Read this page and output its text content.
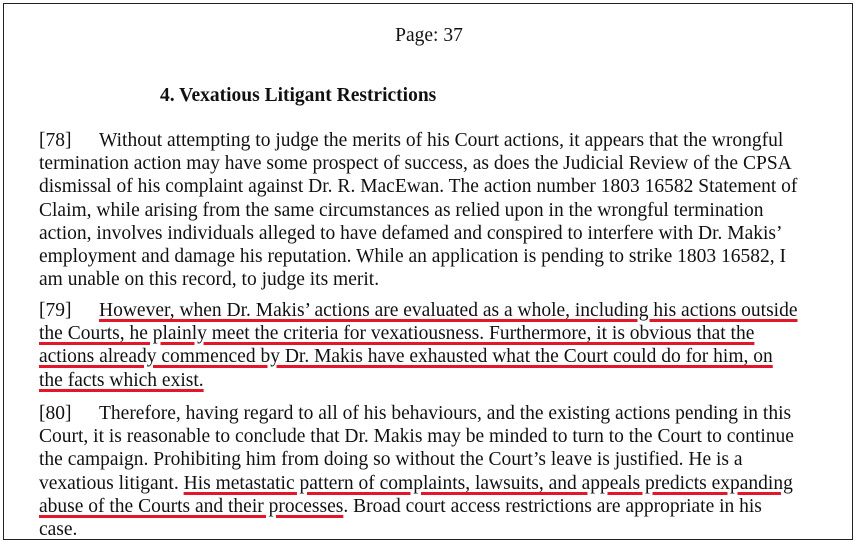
Page: 37
4. Vexatious Litigant Restrictions
[78] Without attempting to judge the merits of his Court actions, it appears that the wrongful
termination action may have some prospect of success, as does the Judicial Review of the CPSA
dismissal of his complaint against Dr. R. MacEwan. The action number 1803 16582 Statement of
Claim, while arising from the same circumstances as relied upon in the wrongful termination
action, involves individuals alleged to have defamed and conspired to interfere with Dr. Makis’
employment and damage his reputation. While an application is pending to strike 1803 16582, I
am unable on this record, to judge its merit.
[79] However, when Dr. Makis’ actions are evaluated as a whole, including his actions outside
the Courts, he plainly meet the criteria for vexatiousness. Furthermore, it is obvious that the
actions already commenced by Dr. Makis have exhausted what the Court could do for him, on
the facts which exist.
[80] Therefore, having regard to all of his behaviours, and the existing actions pending in this
Court, it is reasonable to conclude that Dr. Makis may be minded to turn to the Court to continue
the campaign. Prohibiting him from doing so without the Court’s leave is justified. He is a
vexatious litigant. His metastatic pattern of complaints, lawsuits, and appeals predicts expanding
abuse of the Courts and their processes. Broad court access restrictions are appropriate in his
case.
